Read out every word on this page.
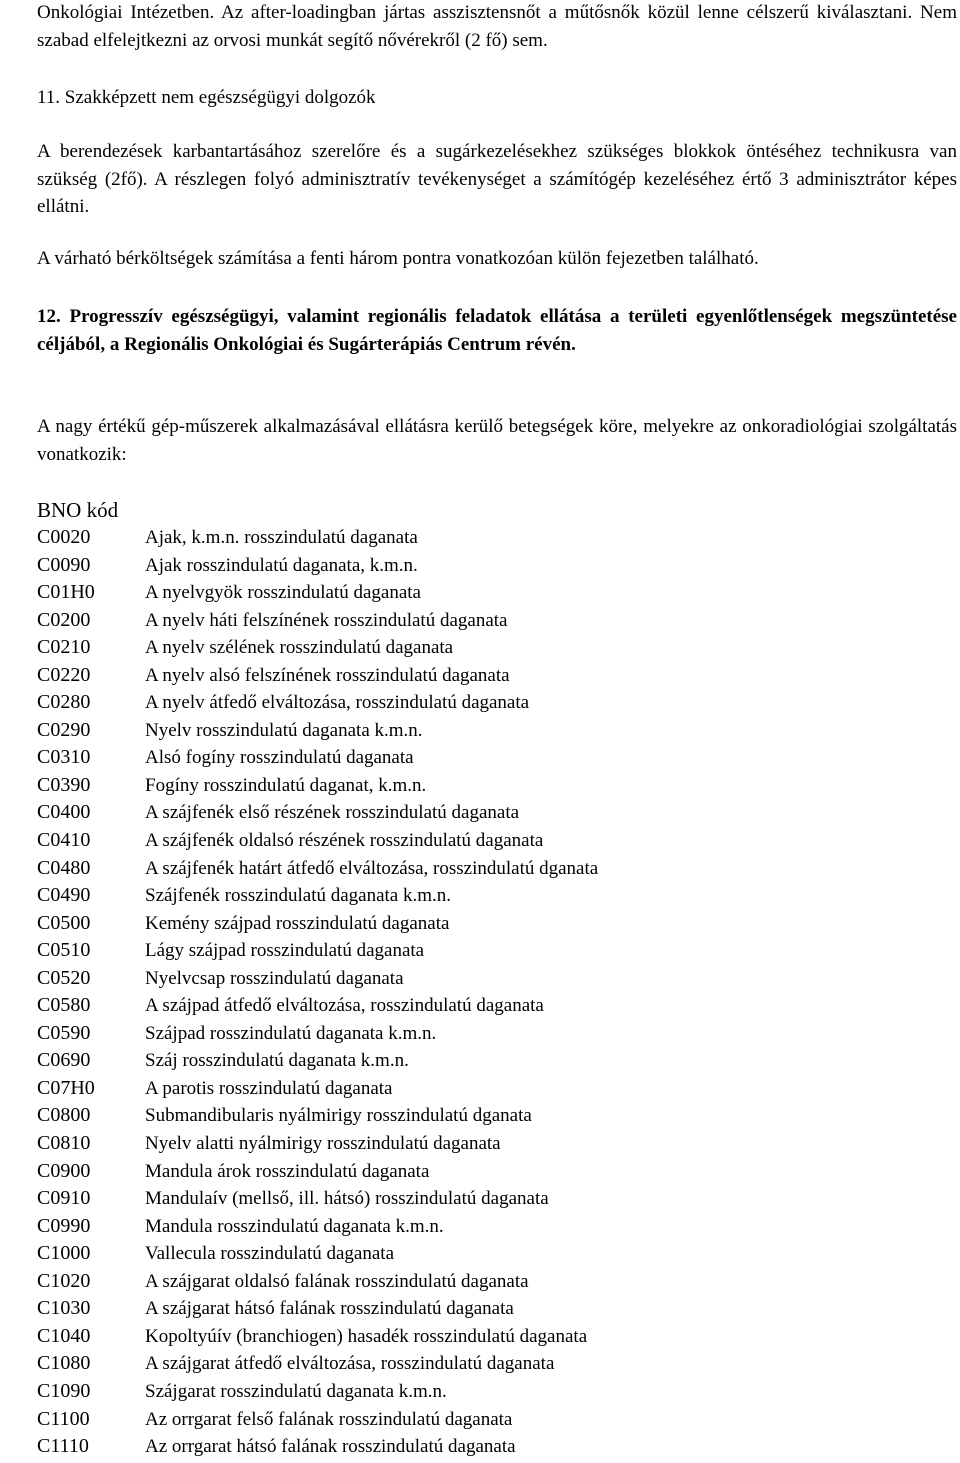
Onkológiai Intézetben. Az after-loadingban jártas asszisztensnőt a műtősnők közül lenne célszerű kiválasztani. Nem szabad elfelejtkezni az orvosi munkát segítő nővérekről (2 fő) sem.

11. Szakképzett nem egészségügyi dolgozók

A berendezések karbantartásához szerelőre és a sugárkezelésekhez szükséges blokkok öntéséhez technikusra van szükség (2fő). A részlegen folyó adminisztratív tevékenységet a számítógép kezeléséhez értő 3 adminisztrátor képes ellátni.

A várható bérköltségek számítása a fenti három pontra vonatkozóan külön fejezetben található.

12. Progresszív egészségügyi, valamint regionális feladatok ellátása a területi egyenlőtlenségek megszüntetése céljából, a Regionális Onkológiai és Sugárterápiás Centrum révén.

A nagy értékű gép-műszerek alkalmazásával ellátásra kerülő betegségek köre, melyekre az onkoradiológiai szolgáltatás vonatkozik:

BNO kód
C0020	Ajak, k.m.n. rosszindulatú daganata
C0090	Ajak rosszindulatú daganata, k.m.n.
C01H0	A nyelvgyök rosszindulatú daganata
C0200	A nyelv háti felszínének rosszindulatú daganata
C0210	A nyelv szélének rosszindulatú daganata
C0220	A nyelv alsó felszínének rosszindulatú daganata
C0280	A nyelv átfedő elváltozása, rosszindulatú daganata
C0290	Nyelv rosszindulatú daganata k.m.n.
C0310	Alsó fogíny rosszindulatú daganata
C0390	Fogíny rosszindulatú daganat, k.m.n.
C0400	A szájfenék első részének rosszindulatú daganata
C0410	A szájfenék oldalsó részének rosszindulatú daganata
C0480	A szájfenék határt átfedő elváltozása, rosszindulatú dganata
C0490	Szájfenék rosszindulatú daganata k.m.n.
C0500	Kemény szájpad rosszindulatú daganata
C0510	Lágy szájpad rosszindulatú daganata
C0520	Nyelvcsap rosszindulatú daganata
C0580	A szájpad átfedő elváltozása, rosszindulatú daganata
C0590	Szájpad rosszindulatú daganata k.m.n.
C0690	Száj rosszindulatú daganata k.m.n.
C07H0	A parotis rosszindulatú daganata
C0800	Submandibularis nyálmirigy rosszindulatú dganata
C0810	Nyelv alatti nyálmirigy rosszindulatú daganata
C0900	Mandula árok rosszindulatú daganata
C0910	Mandulaív (mellső, ill. hátsó) rosszindulatú daganata
C0990	Mandula rosszindulatú daganata k.m.n.
C1000	Vallecula rosszindulatú daganata
C1020	A szájgarat oldalsó falának rosszindulatú daganata
C1030	A szájgarat hátsó falának rosszindulatú daganata
C1040	Kopoltyúív (branchiogen) hasadék rosszindulatú daganata
C1080	A szájgarat átfedő elváltozása, rosszindulatú daganata
C1090	Szájgarat rosszindulatú daganata k.m.n.
C1100	Az orrgarat felső falának rosszindulatú daganata
C1110	Az orrgarat hátsó falának rosszindulatú daganata
